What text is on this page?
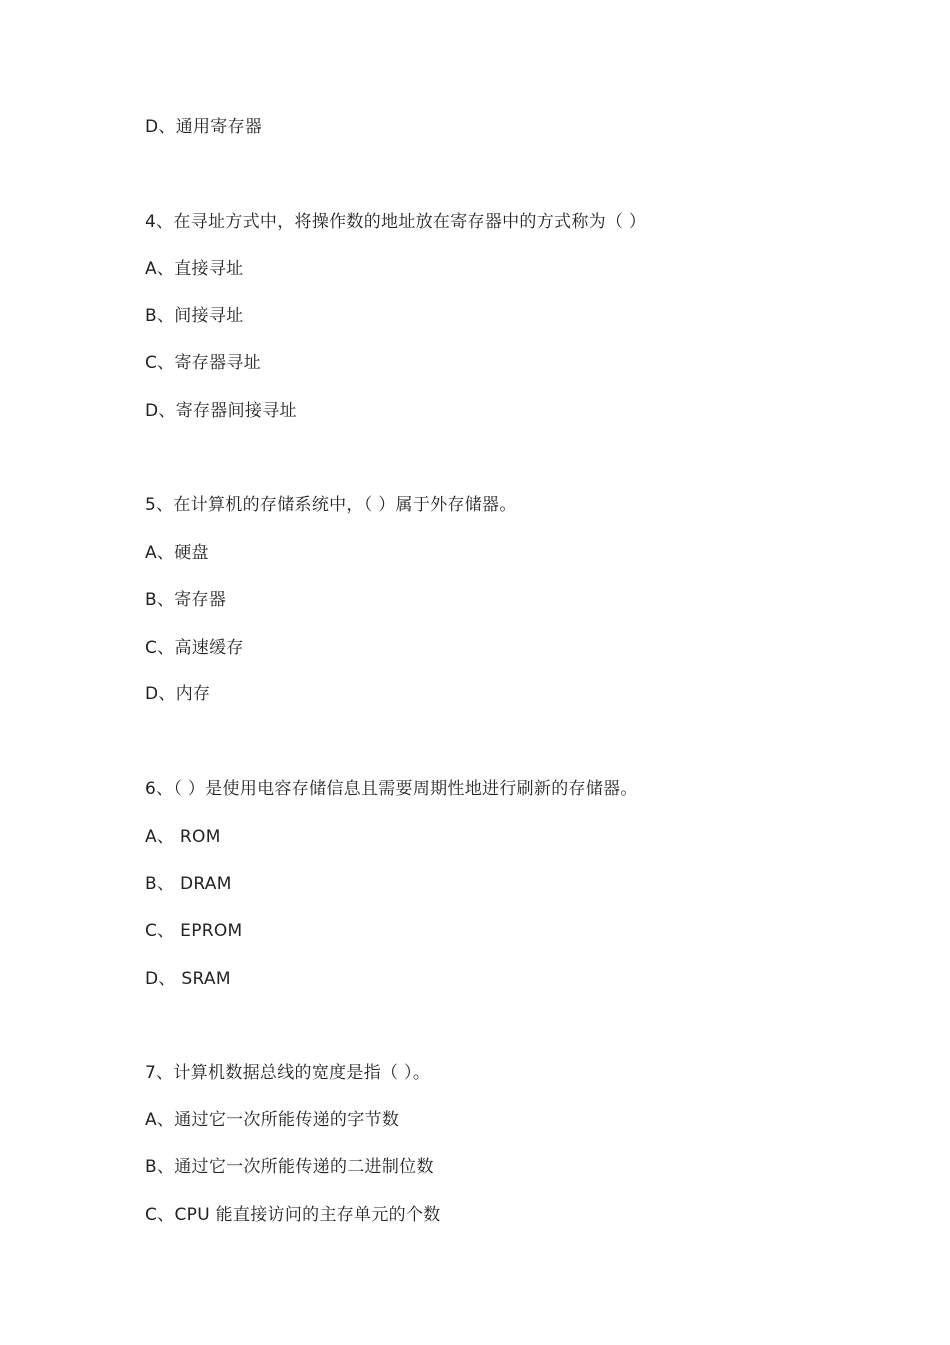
D、通用寄存器
4、在寻址方式中，将操作数的地址放在寄存器中的方式称为（ ）
A、直接寻址
B、间接寻址
C、寄存器寻址
D、寄存器间接寻址
5、在计算机的存储系统中，（ ）属于外存储器。
A、硬盘
B、寄存器
C、高速缓存
D、内存
6、（ ）是使用电容存储信息且需要周期性地进行刷新的存储器。
A、 ROM
B、 DRAM
C、 EPROM
D、 SRAM
7、计算机数据总线的宽度是指（ ）。
A、通过它一次所能传递的字节数
B、通过它一次所能传递的二进制位数
C、CPU 能直接访问的主存单元的个数
